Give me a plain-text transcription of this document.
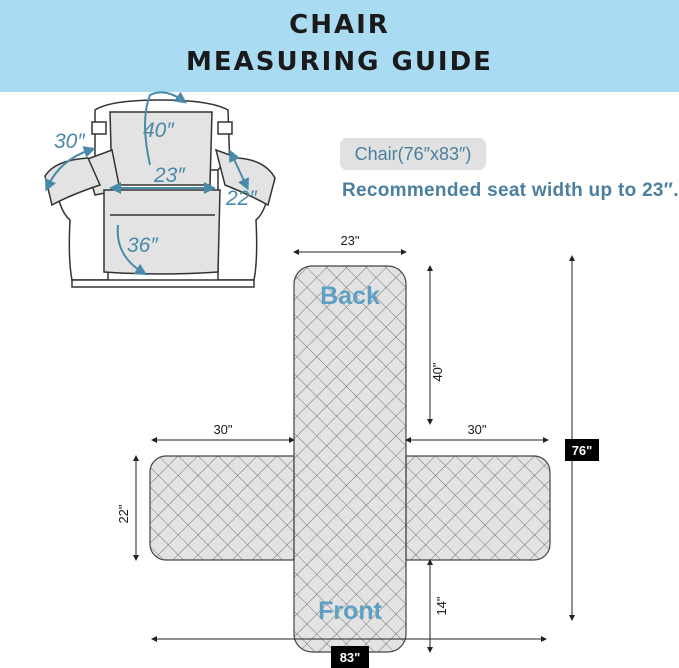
CHAIR
MEASURING GUIDE
Chair(76″x83″)
Recommended seat width up to 23″.
40″
30″
23″
22″
36″
Back
Front
23"
40"
30"	30"
22"
14"
76"
83"
